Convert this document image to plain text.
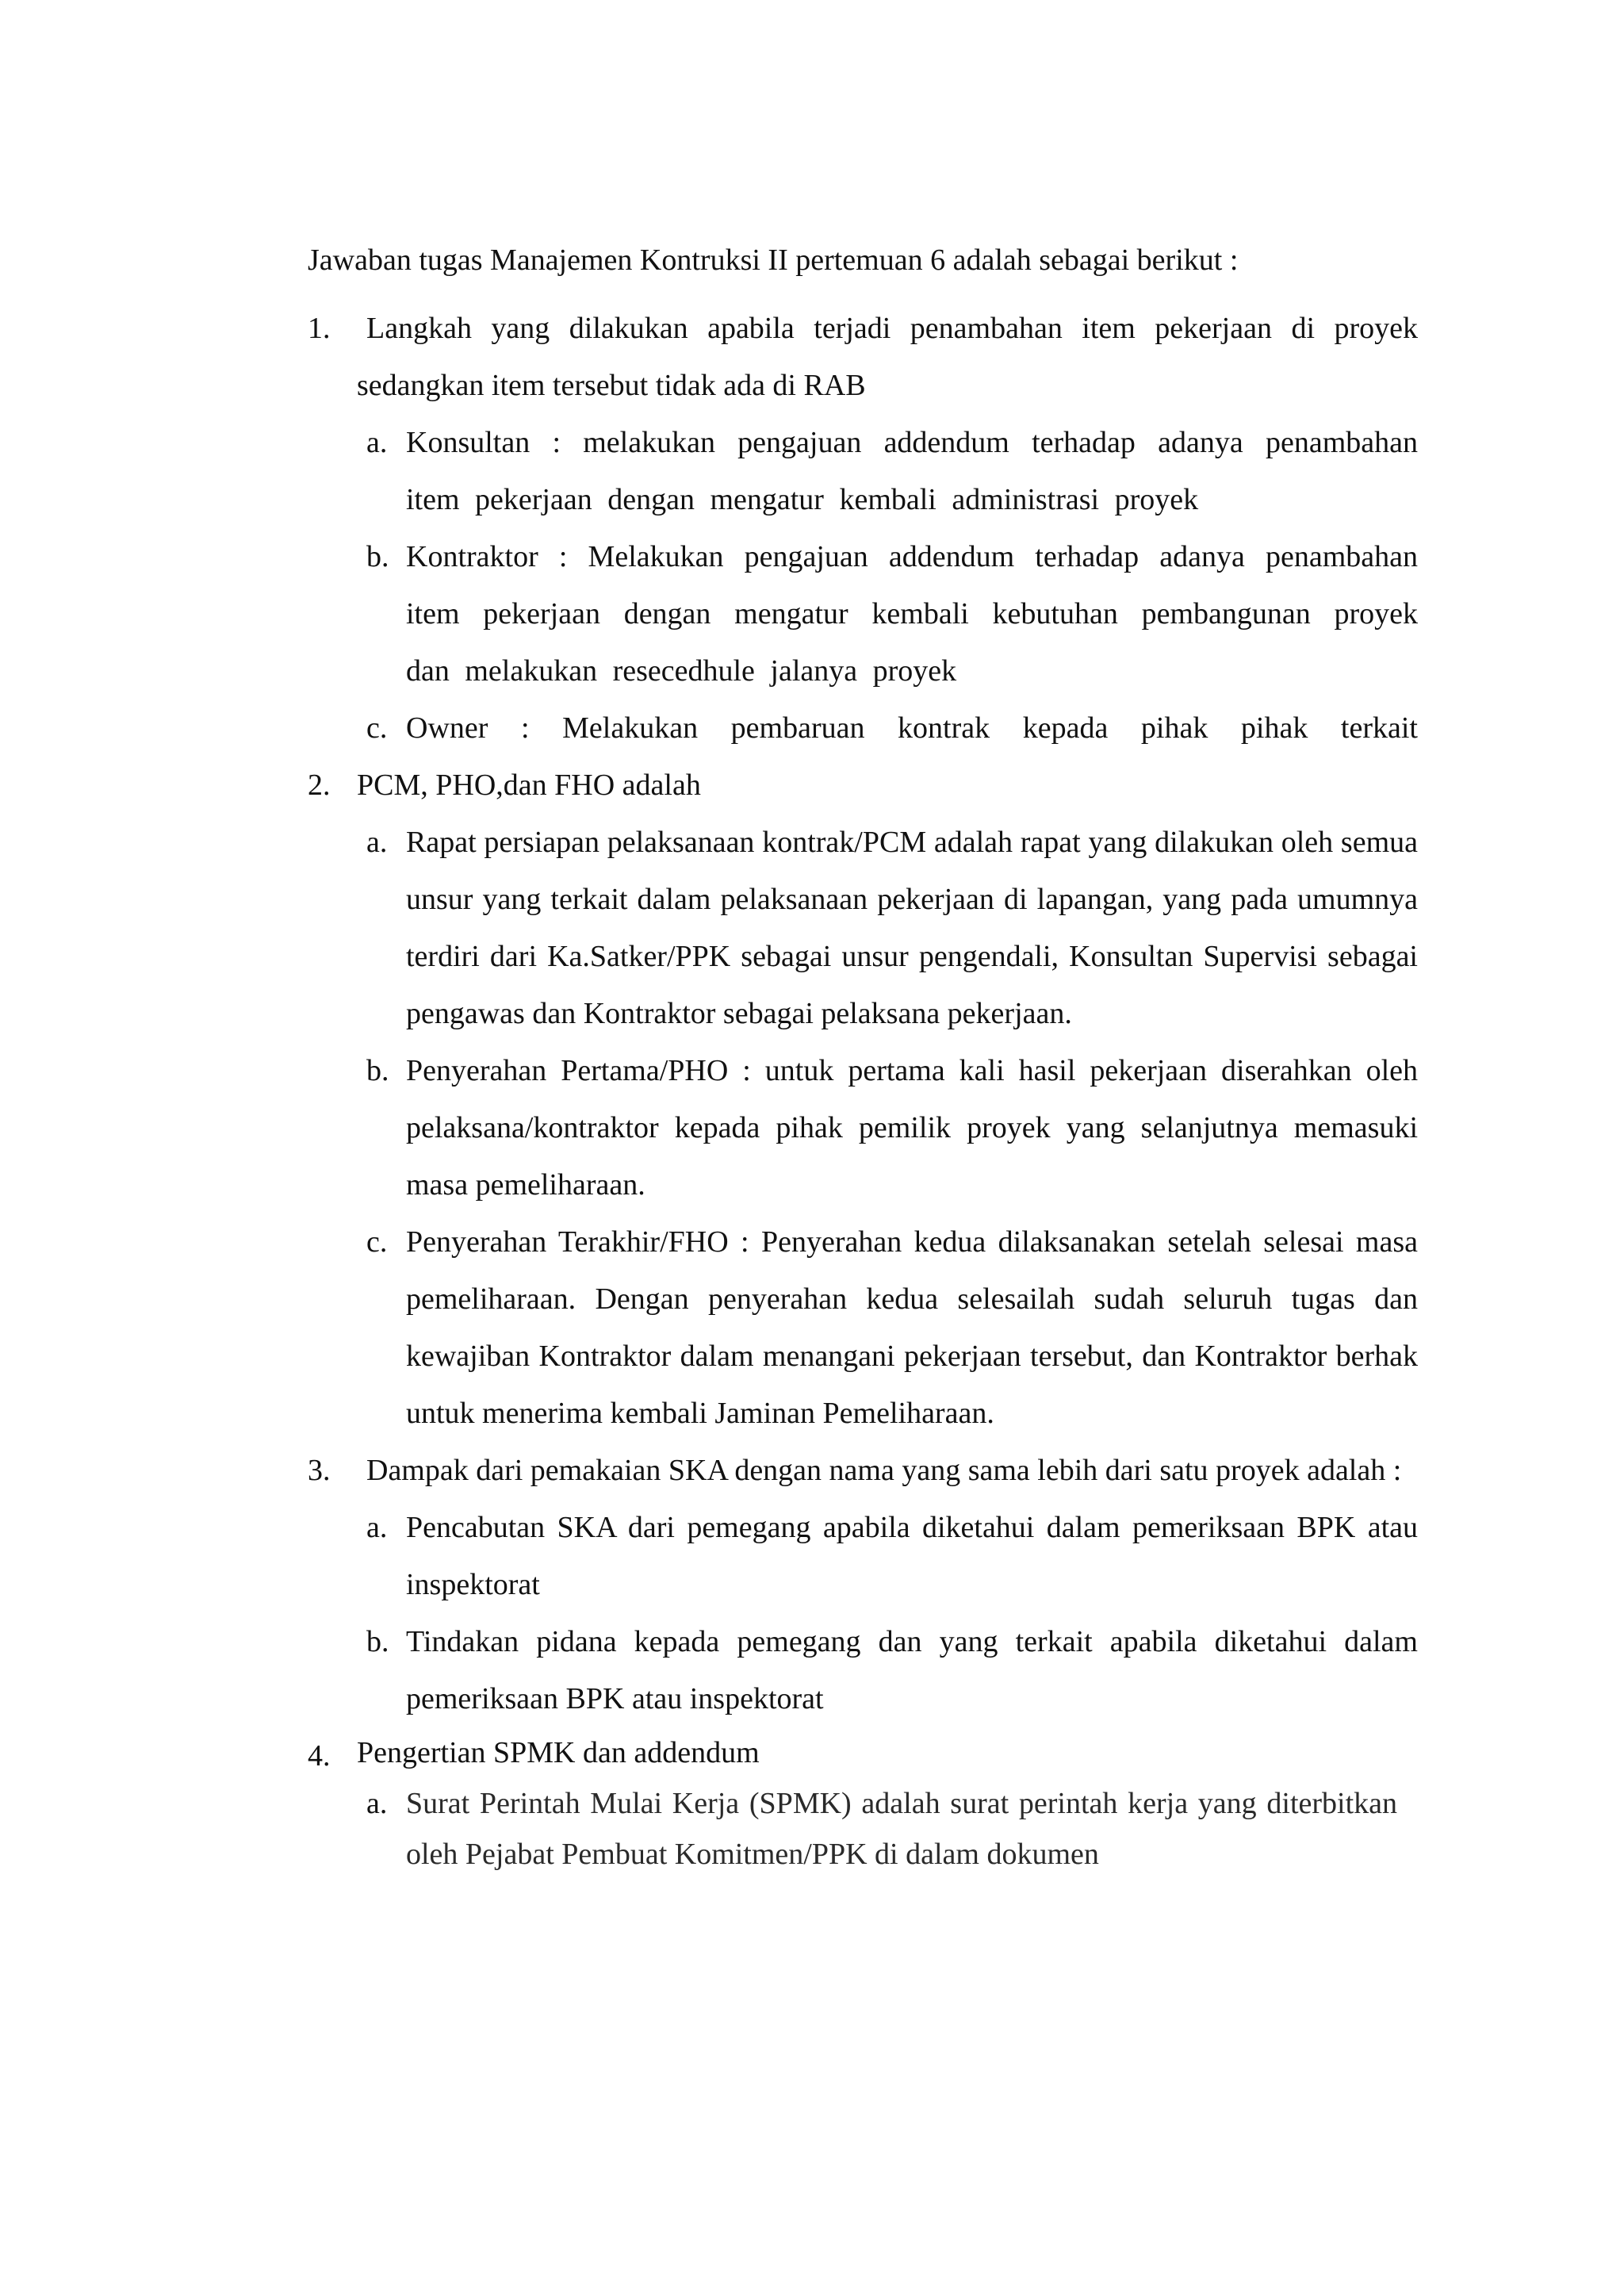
Jawaban tugas Manajemen Kontruksi II pertemuan 6 adalah sebagai berikut :

1.	Langkah yang dilakukan apabila terjadi penambahan item pekerjaan di proyek sedangkan item tersebut tidak ada di RAB

a. Konsultan : melakukan pengajuan addendum terhadap adanya penambahan item pekerjaan dengan mengatur kembali administrasi proyek

b. Kontraktor : Melakukan pengajuan addendum terhadap adanya penambahan item pekerjaan dengan mengatur kembali kebutuhan pembangunan proyek dan melakukan resecedhule jalanya proyek

c. Owner : Melakukan pembaruan kontrak kepada pihak pihak terkait

2. PCM, PHO,dan FHO adalah

a. Rapat persiapan pelaksanaan kontrak/PCM adalah rapat yang dilakukan oleh semua unsur yang terkait dalam pelaksanaan pekerjaan di lapangan, yang pada umumnya terdiri dari Ka.Satker/PPK sebagai unsur pengendali, Konsultan Supervisi sebagai pengawas dan Kontraktor sebagai pelaksana pekerjaan.

b. Penyerahan Pertama/PHO : untuk pertama kali hasil pekerjaan diserahkan oleh pelaksana/kontraktor kepada pihak pemilik proyek yang selanjutnya memasuki masa pemeliharaan.

c. Penyerahan Terakhir/FHO : Penyerahan kedua dilaksanakan setelah selesai masa pemeliharaan. Dengan penyerahan kedua selesailah sudah seluruh tugas dan kewajiban Kontraktor dalam menangani pekerjaan tersebut, dan Kontraktor berhak untuk menerima kembali Jaminan Pemeliharaan.

3.	Dampak dari pemakaian SKA dengan nama yang sama lebih dari satu proyek adalah :

a. Pencabutan SKA dari pemegang apabila diketahui dalam pemeriksaan BPK atau inspektorat

b. Tindakan pidana kepada pemegang dan yang terkait apabila diketahui dalam pemeriksaan BPK atau inspektorat

4. Pengertian SPMK dan addendum

a. Surat Perintah Mulai Kerja (SPMK) adalah surat perintah kerja yang diterbitkan oleh Pejabat Pembuat Komitmen/PPK di dalam dokumen
